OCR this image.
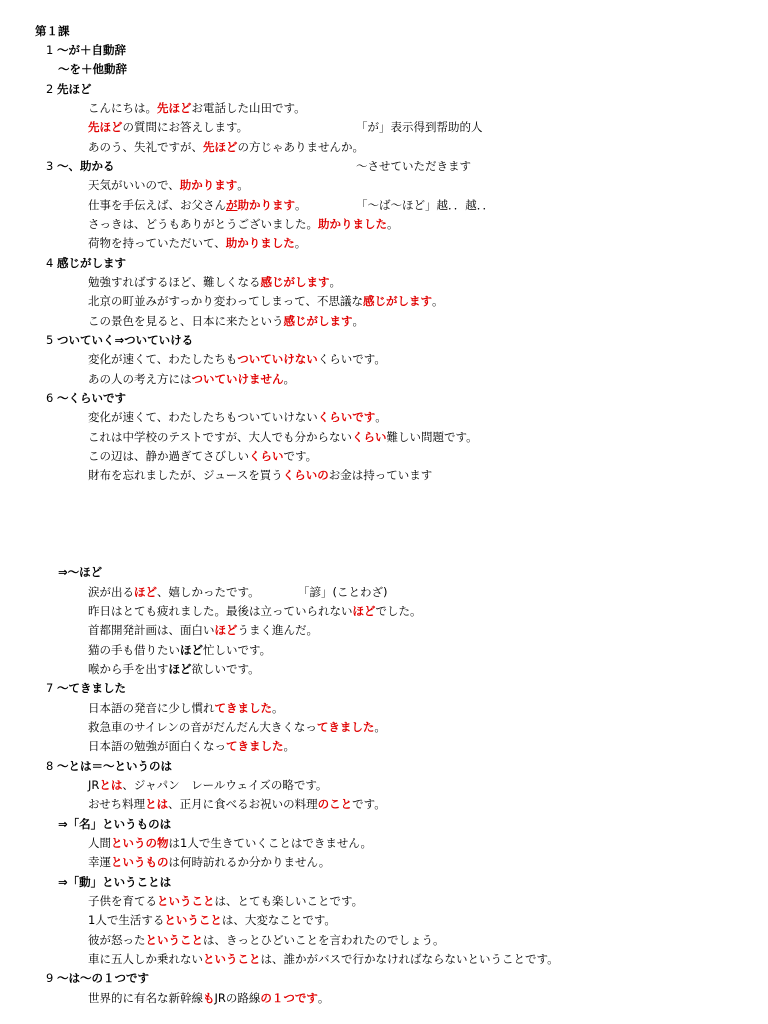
第１課
1 ～が＋自動辞
～を＋他動辞
2 先ほど
こんにちは。先ほどお電話した山田です。
先ほどの質問にお答えします。	「が」表示得到帮助的人
あのう、失礼ですが、先ほどの方じゃありませんか。
3 ～、助かる	～させていただきます
天気がいいので、助かります。
仕事を手伝えば、お父さんが助かります。	「～ば～ほど」越．．越．．
さっきは、どうもありがとうございました。助かりました。
荷物を持っていただいて、助かりました。
4 感じがします
勉強すればするほど、難しくなる感じがします。
北京の町並みがすっかり変わってしまって、不思議な感じがします。
この景色を見ると、日本に来たという感じがします。
5 ついていく⇒ついていける
変化が速くて、わたしたちもついていけないくらいです。
あの人の考え方にはついていけません。
6 ～くらいです
変化が速くて、わたしたちもついていけないくらいです。
これは中学校のテストですが、大人でも分からないくらい難しい問題です。
この辺は、静か過ぎてさびしいくらいです。
財布を忘れましたが、ジュースを買うくらいのお金は持っています
⇒～ほど
涙が出るほど、嬉しかったです。	「諺」(ことわざ)
昨日はとても疲れました。最後は立っていられないほどでした。
首都開発計画は、面白いほどうまく進んだ。
猫の手も借りたいほど忙しいです。
喉から手を出すほど欲しいです。
7 ～てきました
日本語の発音に少し慣れてきました。
救急車のサイレンの音がだんだん大きくなってきました。
日本語の勉強が面白くなってきました。
8 ～とは＝～というのは
JRとは、ジャパン　レールウェイズの略です。
おせち料理とは、正月に食べるお祝いの料理のことです。
⇒「名」というものは
人間というの物は1人で生きていくことはできません。
幸運というものは何時訪れるか分かりません。
⇒「動」ということは
子供を育てるということは、とても楽しいことです。
1人で生活するということは、大変なことです。
彼が怒ったということは、きっとひどいことを言われたのでしょう。
車に五人しか乗れないということは、誰かがバスで行かなければならないということです。
9 ～は～の１つです
世界的に有名な新幹線もJRの路線の１つです。
